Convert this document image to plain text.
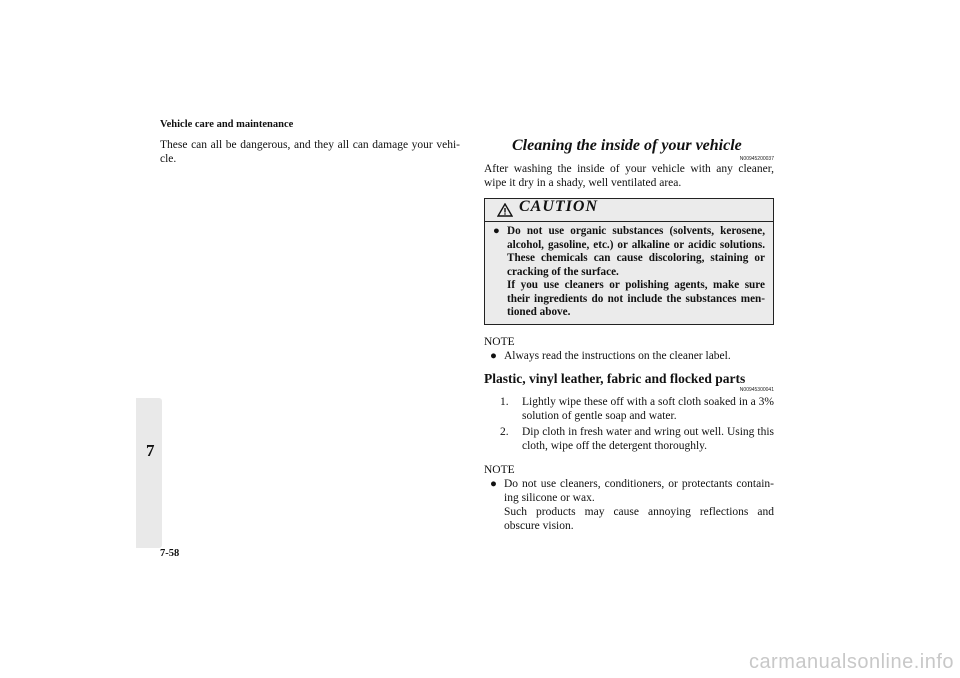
Vehicle care and maintenance
7

These can all be dangerous, and they all can damage your vehi-cle.

Cleaning the inside of your vehicle
N00945200037

After washing the inside of your vehicle with any cleaner, wipe it dry in a shady, well ventilated area.

CAUTION
● Do not use organic substances (solvents, kerosene, alcohol, gasoline, etc.) or alkaline or acidic solutions. These chemicals can cause discoloring, staining or cracking of the surface.
If you use cleaners or polishing agents, make sure their ingredients do not include the substances men-tioned above.
NOTE
● Always read the instructions on the cleaner label.
Plastic, vinyl leather, fabric and flocked parts
N00945300041
1.	Lightly wipe these off with a soft cloth soaked in a 3% solution of gentle soap and water.
2.	Dip cloth in fresh water and wring out well. Using this cloth, wipe off the detergent thoroughly.
NOTE
● Do not use cleaners, conditioners, or protectants contain-ing silicone or wax.
Such products may cause annoying reflections and obscure vision.
7-58
carmanualsonline.info
